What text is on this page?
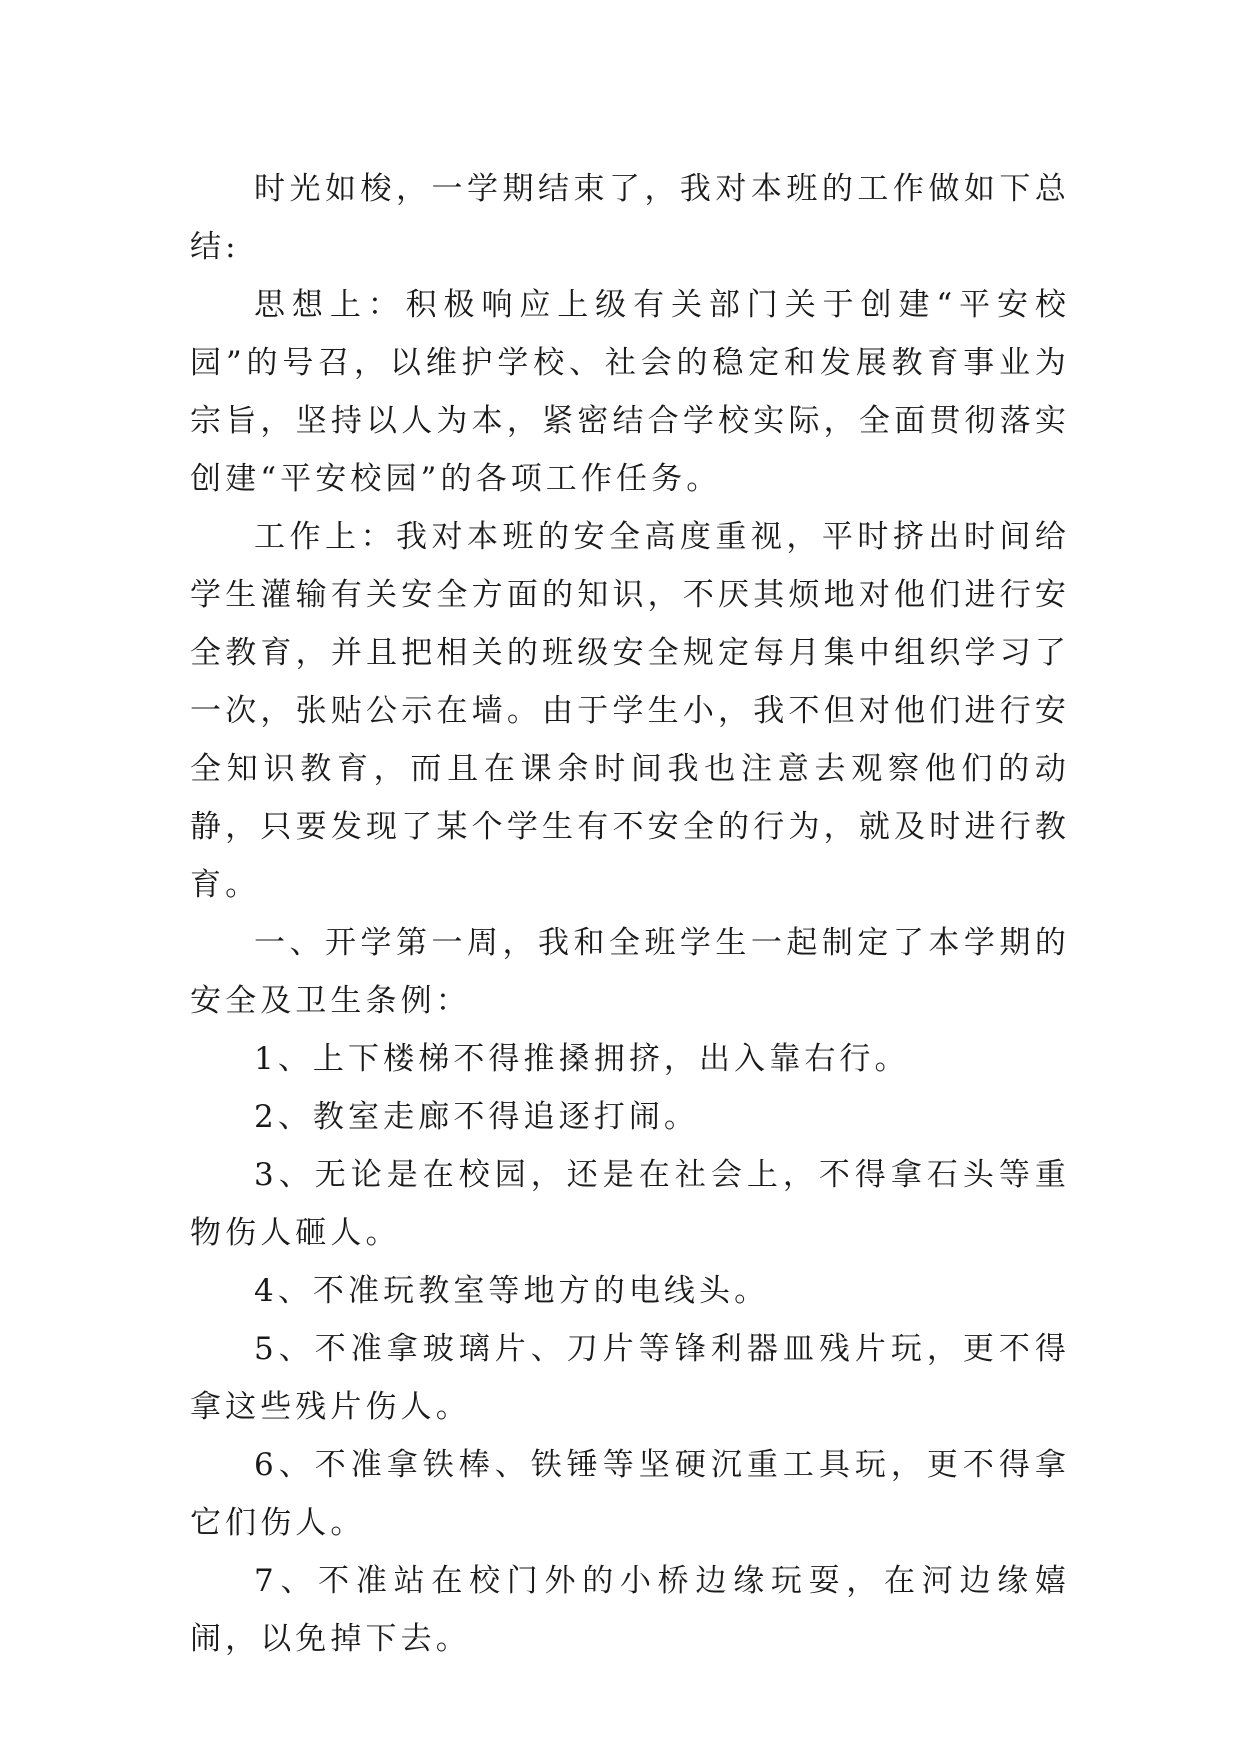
时光如梭，一学期结束了，我对本班的工作做如下总结:

思想上：积极响应上级有关部门关于创建“平安校园”的号召，以维护学校、社会的稳定和发展教育事业为宗旨，坚持以人为本，紧密结合学校实际，全面贯彻落实创建“平安校园”的各项工作任务。

工作上：我对本班的安全高度重视，平时挤出时间给学生灌输有关安全方面的知识，不厌其烦地对他们进行安全教育，并且把相关的班级安全规定每月集中组织学习了一次，张贴公示在墙。由于学生小，我不但对他们进行安全知识教育，而且在课余时间我也注意去观察他们的动静，只要发现了某个学生有不安全的行为，就及时进行教育。

一、开学第一周，我和全班学生一起制定了本学期的安全及卫生条例：

1、上下楼梯不得推搡拥挤，出入靠右行。

2、教室走廊不得追逐打闹。

3、无论是在校园，还是在社会上，不得拿石头等重物伤人砸人。

4、不准玩教室等地方的电线头。

5、不准拿玻璃片、刀片等锋利器皿残片玩，更不得拿这些残片伤人。

6、不准拿铁棒、铁锤等坚硬沉重工具玩，更不得拿它们伤人。

7、不准站在校门外的小桥边缘玩耍，在河边缘嬉闹，以免掉下去。
